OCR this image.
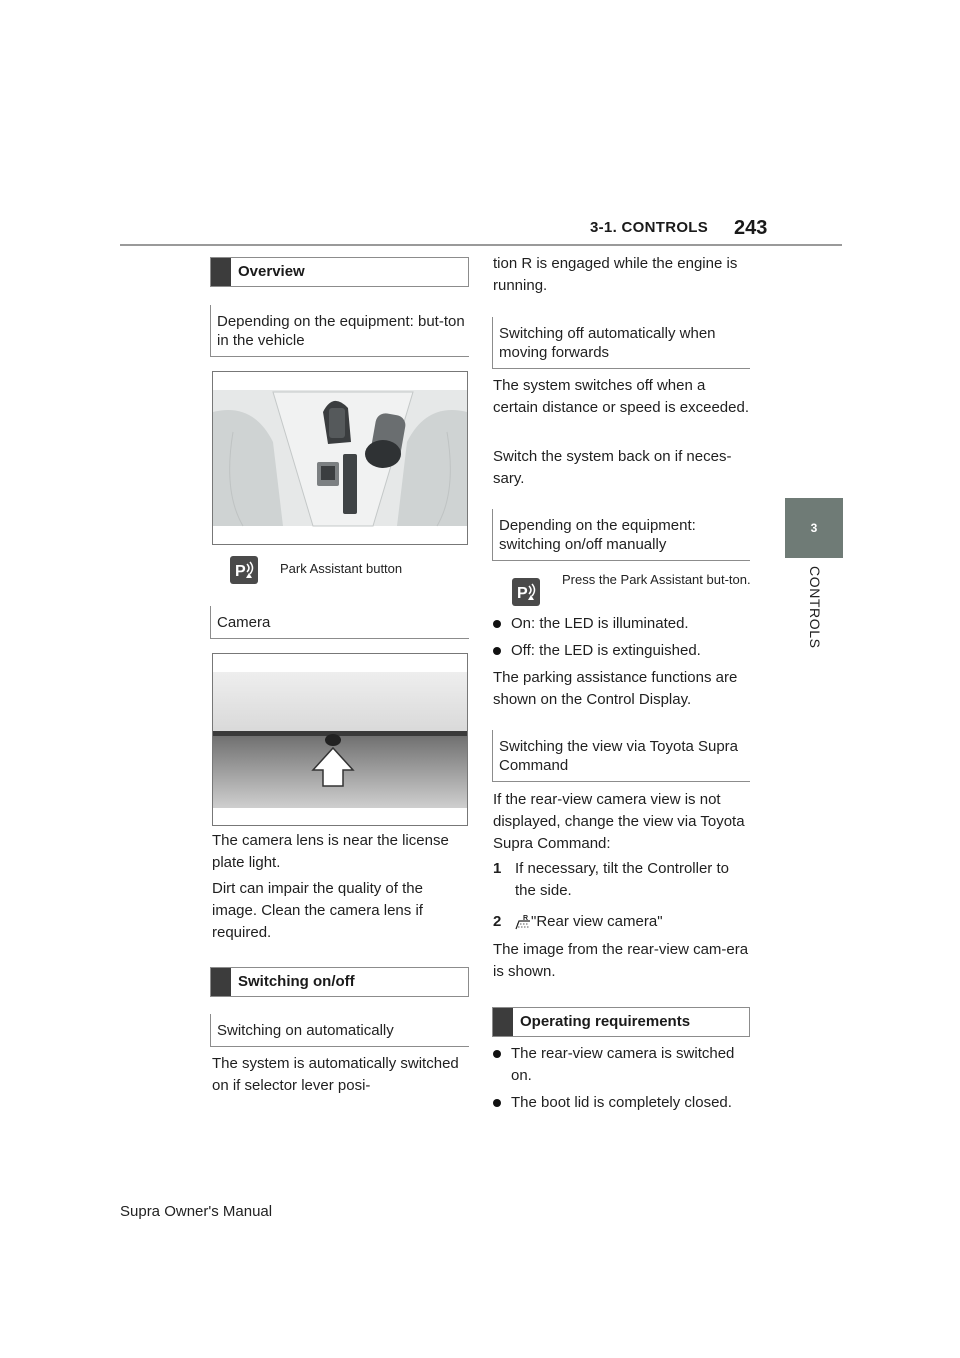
3-1. CONTROLS 243
3
CONTROLS
Overview
Depending on the equipment: but-ton in the vehicle
P	Park Assistant button
Camera
The camera lens is near the license plate light.
Dirt can impair the quality of the image. Clean the camera lens if required.
Switching on/off
Switching on automatically
The system is automatically switched on if selector lever posi-
tion R is engaged while the engine is running.
Switching off automatically when moving forwards
The system switches off when a certain distance or speed is exceeded.
Switch the system back on if neces-sary.
Depending on the equipment: switching on/off manually
P
Press the Park Assistant but-ton.
On: the LED is illuminated.
Off: the LED is extinguished.
The parking assistance functions are shown on the Control Display.
Switching the view via Toyota Supra Command
If the rear-view camera view is not displayed, change the view via Toyota Supra Command:
1 If necessary, tilt the Controller to the side.
2	R "Rear view camera"
The image from the rear-view cam-era is shown.
Operating requirements
The rear-view camera is switched on.
The boot lid is completely closed.
Supra Owner's Manual
